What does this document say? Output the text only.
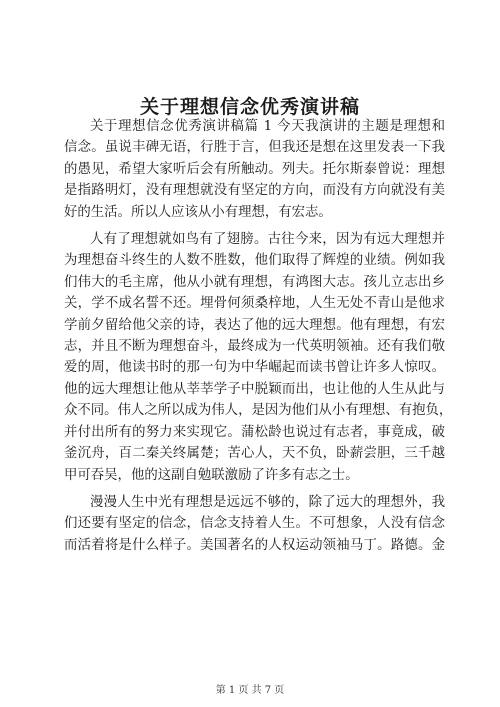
关于理想信念优秀演讲稿
关于理想信念优秀演讲稿篇 1 今天我演讲的主题是理想和
信念。虽说丰碑无语，行胜于言，但我还是想在这里发表一下我
的愚见，希望大家听后会有所触动。列夫。托尔斯泰曾说：理想
是指路明灯，没有理想就没有坚定的方向，而没有方向就没有美
好的生活。所以人应该从小有理想，有宏志。
人有了理想就如鸟有了翅膀。古往今来，因为有远大理想并
为理想奋斗终生的人数不胜数，他们取得了辉煌的业绩。例如我
们伟大的毛主席，他从小就有理想，有鸿图大志。孩儿立志出乡
关，学不成名誓不还。埋骨何须桑梓地，人生无处不青山是他求
学前夕留给他父亲的诗，表达了他的远大理想。他有理想，有宏
志，并且不断为理想奋斗，最终成为一代英明领袖。还有我们敬
爱的周，他读书时的那一句为中华崛起而读书曾让许多人惊叹。
他的远大理想让他从莘莘学子中脱颖而出，也让他的人生从此与
众不同。伟人之所以成为伟人，是因为他们从小有理想、有抱负，
并付出所有的努力来实现它。蒲松龄也说过有志者，事竟成，破
釜沉舟，百二秦关终属楚；苦心人，天不负，卧薪尝胆，三千越
甲可吞吴，他的这副自勉联激励了许多有志之士。
漫漫人生中光有理想是远远不够的，除了远大的理想外，我
们还要有坚定的信念，信念支持着人生。不可想象，人没有信念
而活着将是什么样子。美国著名的人权运动领袖马丁。路德。金
第 1 页 共 7 页
